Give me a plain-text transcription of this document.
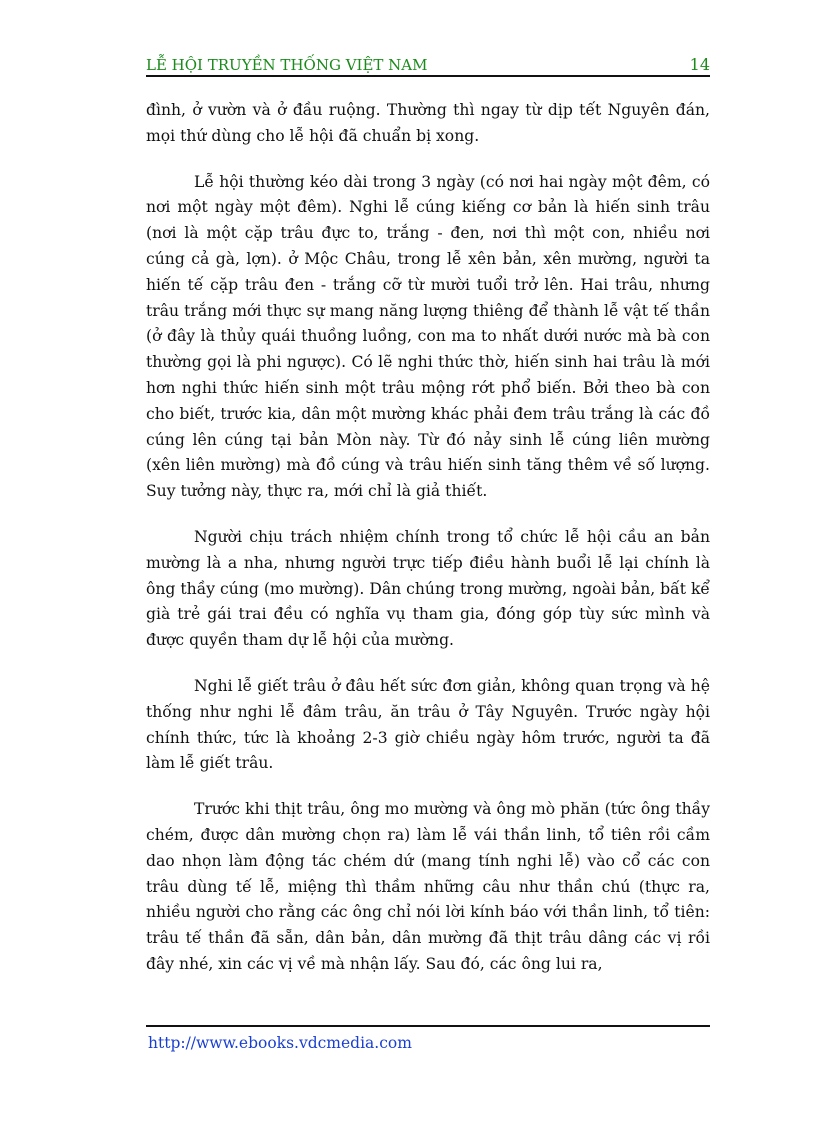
LỄ HỘI TRUYỀN THỐNG VIỆT NAM	14

đình, ở vườn và ở đầu ruộng. Thường thì ngay từ dịp tết Nguyên đán, mọi thứ dùng cho lễ hội đã chuẩn bị xong.

Lễ hội thường kéo dài trong 3 ngày (có nơi hai ngày một đêm, có nơi một ngày một đêm). Nghi lễ cúng kiếng cơ bản là hiến sinh trâu (nơi là một cặp trâu đực to, trắng - đen, nơi thì một con, nhiều nơi cúng cả gà, lợn). ở Mộc Châu, trong lễ xên bản, xên mường, người ta hiến tế cặp trâu đen - trắng cỡ từ mười tuổi trở lên. Hai trâu, nhưng trâu trắng mới thực sự mang năng lượng thiêng để thành lễ vật tế thần (ở đây là thủy quái thuồng luồng, con ma to nhất dưới nước mà bà con thường gọi là phi ngược). Có lẽ nghi thức thờ, hiến sinh hai trâu là mới hơn nghi thức hiến sinh một trâu mộng rớt phổ biến. Bởi theo bà con cho biết, trước kia, dân một mường khác phải đem trâu trắng là các đồ cúng lên cúng tại bản Mòn này. Từ đó nảy sinh lễ cúng liên mường (xên liên mường) mà đồ cúng và trâu hiến sinh tăng thêm về số lượng. Suy tưởng này, thực ra, mới chỉ là giả thiết.

Người chịu trách nhiệm chính trong tổ chức lễ hội cầu an bản mường là a nha, nhưng người trực tiếp điều hành buổi lễ lại chính là ông thầy cúng (mo mường). Dân chúng trong mường, ngoài bản, bất kể già trẻ gái trai đều có nghĩa vụ tham gia, đóng góp tùy sức mình và được quyền tham dự lễ hội của mường.

Nghi lễ giết trâu ở đâu hết sức đơn giản, không quan trọng và hệ thống như nghi lễ đâm trâu, ăn trâu ở Tây Nguyên. Trước ngày hội chính thức, tức là khoảng 2-3 giờ chiều ngày hôm trước, người ta đã làm lễ giết trâu.

Trước khi thịt trâu, ông mo mường và ông mò phăn (tức ông thầy chém, được dân mường chọn ra) làm lễ vái thần linh, tổ tiên rồi cầm dao nhọn làm động tác chém dứ (mang tính nghi lễ) vào cổ các con trâu dùng tế lễ, miệng thì thầm những câu như thần chú (thực ra, nhiều người cho rằng các ông chỉ nói lời kính báo với thần linh, tổ tiên: trâu tế thần đã sẵn, dân bản, dân mường đã thịt trâu dâng các vị rồi đây nhé, xin các vị về mà nhận lấy. Sau đó, các ông lui ra,

http://www.ebooks.vdcmedia.com
